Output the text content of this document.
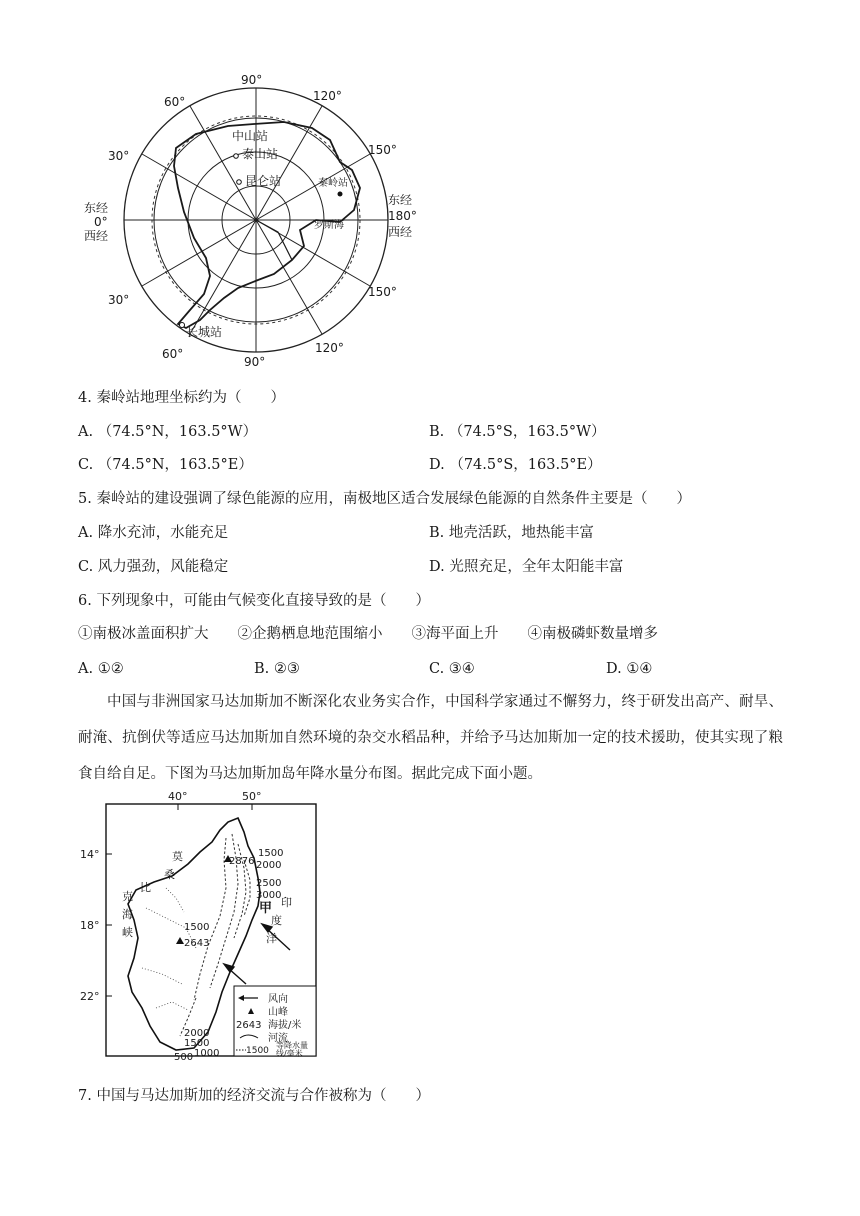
90°
90°
120°
150°
150°
120°
60°
30°
30°
60°
东经
0°
西经
东经
180°
西经
中山站
泰山站
昆仑站	秦岭站
罗斯海
长城站
4. 秦岭站地理坐标约为（　　）
A. （74.5°N，163.5°W）	B. （74.5°S，163.5°W）
C. （74.5°N，163.5°E）	D. （74.5°S，163.5°E）
5. 秦岭站的建设强调了绿色能源的应用，南极地区适合发展绿色能源的自然条件主要是（　　）
A. 降水充沛，水能充足	B. 地壳活跃，地热能丰富
C. 风力强劲，风能稳定	D. 光照充足，全年太阳能丰富
6. 下列现象中，可能由气候变化直接导致的是（　　）
①南极冰盖面积扩大　　②企鹅栖息地范围缩小　　③海平面上升　　④南极磷虾数量增多
A. ①②	B. ②③	C. ③④	D. ①④
中国与非洲国家马达加斯加不断深化农业务实合作，中国科学家通过不懈努力，终于研发出高产、耐旱、耐淹、抗倒伏等适应马达加斯加自然环境的杂交水稻品种，并给予马达加斯加一定的技术援助，使其实现了粮食自给自足。下图为马达加斯加岛年降水量分布图。据此完成下面小题。
40°	50°
14°
18°
22°
2876
2643
1500
2000
2500
3000
1500
2000
1500
1000
500
甲
莫
桑
比
克
海
峡
印
度
洋
风向
山峰
2643 海拔/米
河流
1500
等降水量
线/毫米
7. 中国与马达加斯加的经济交流与合作被称为（　　）
